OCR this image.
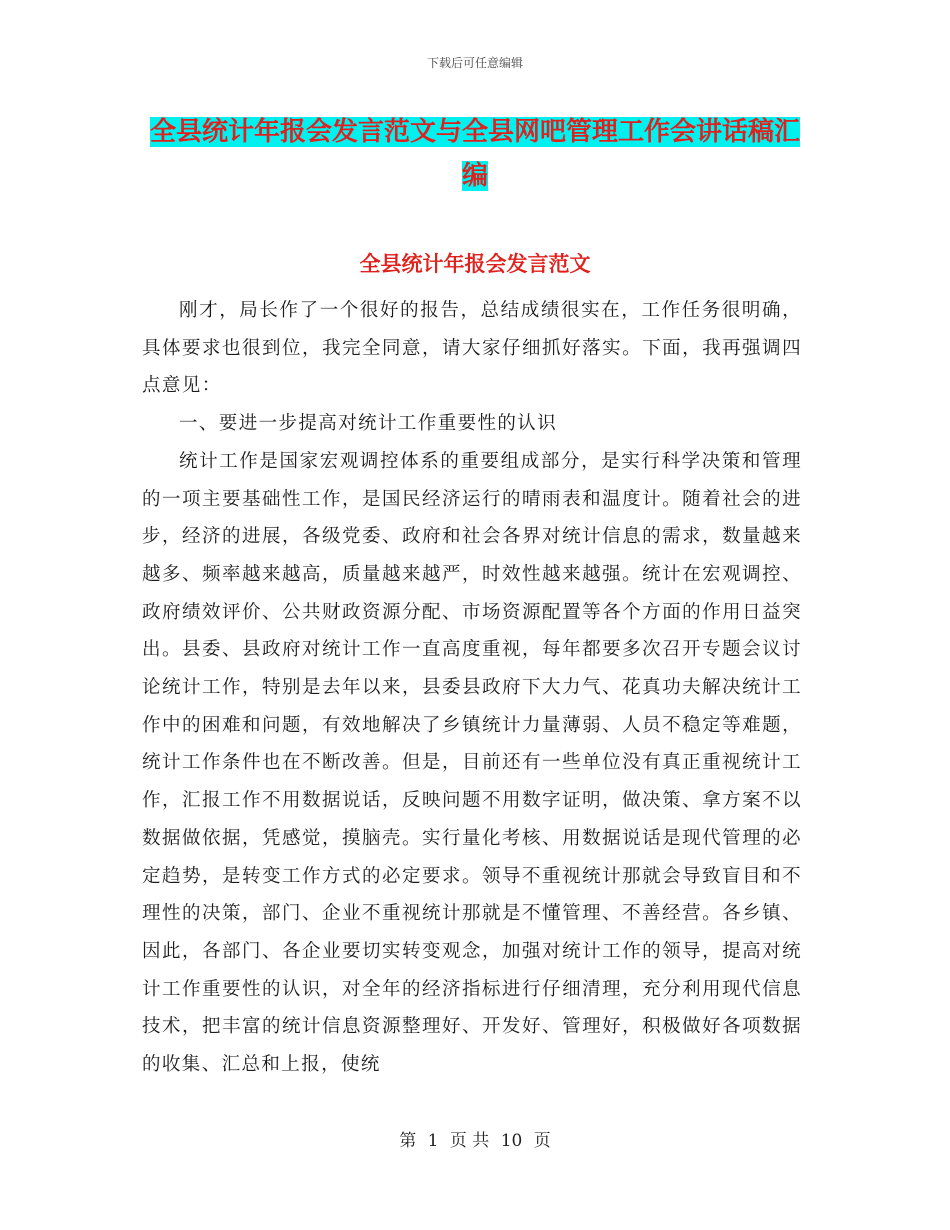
下载后可任意编辑
全县统计年报会发言范文与全县网吧管理工作会讲话稿汇编
全县统计年报会发言范文

刚才，局长作了一个很好的报告，总结成绩很实在，工作任务很明确，具体要求也很到位，我完全同意，请大家仔细抓好落实。下面，我再强调四点意见：

一、要进一步提高对统计工作重要性的认识

统计工作是国家宏观调控体系的重要组成部分，是实行科学决策和管理的一项主要基础性工作，是国民经济运行的晴雨表和温度计。随着社会的进步，经济的进展，各级党委、政府和社会各界对统计信息的需求，数量越来越多、频率越来越高，质量越来越严，时效性越来越强。统计在宏观调控、政府绩效评价、公共财政资源分配、市场资源配置等各个方面的作用日益突出。县委、县政府对统计工作一直高度重视，每年都要多次召开专题会议讨论统计工作，特别是去年以来，县委县政府下大力气、花真功夫解决统计工作中的困难和问题，有效地解决了乡镇统计力量薄弱、人员不稳定等难题，统计工作条件也在不断改善。但是，目前还有一些单位没有真正重视统计工作，汇报工作不用数据说话，反映问题不用数字证明，做决策、拿方案不以数据做依据，凭感觉，摸脑壳。实行量化考核、用数据说话是现代管理的必定趋势，是转变工作方式的必定要求。领导不重视统计那就会导致盲目和不理性的决策，部门、企业不重视统计那就是不懂管理、不善经营。各乡镇、因此，各部门、各企业要切实转变观念，加强对统计工作的领导，提高对统计工作重要性的认识，对全年的经济指标进行仔细清理，充分利用现代信息技术，把丰富的统计信息资源整理好、开发好、管理好，积极做好各项数据的收集、汇总和上报，使统

第 1 页 共 10 页
